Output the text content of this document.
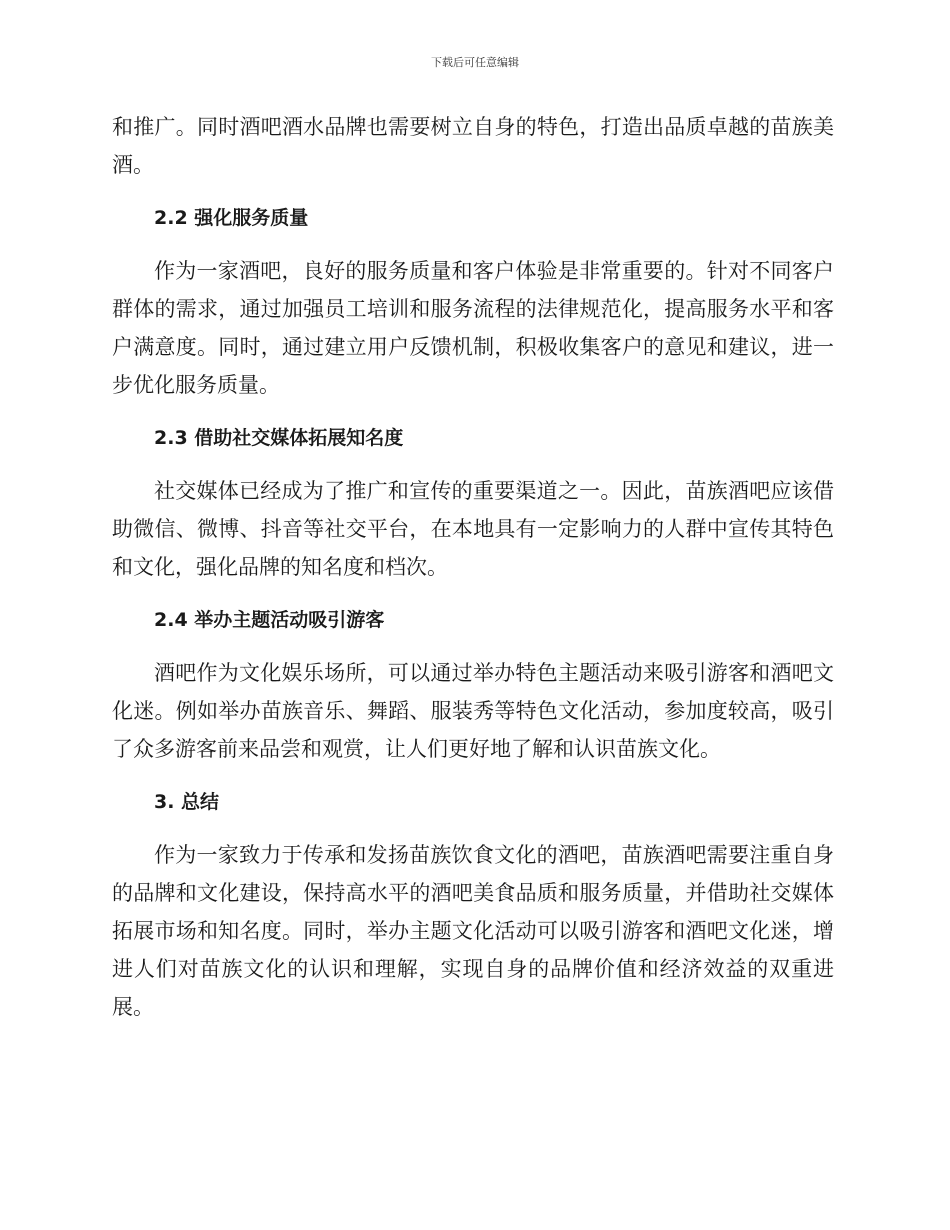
下载后可任意编辑

和推广。同时酒吧酒水品牌也需要树立自身的特色，打造出品质卓越的苗族美酒。

2.2 强化服务质量

作为一家酒吧，良好的服务质量和客户体验是非常重要的。针对不同客户群体的需求，通过加强员工培训和服务流程的法律规范化，提高服务水平和客户满意度。同时，通过建立用户反馈机制，积极收集客户的意见和建议，进一步优化服务质量。

2.3 借助社交媒体拓展知名度

社交媒体已经成为了推广和宣传的重要渠道之一。因此，苗族酒吧应该借助微信、微博、抖音等社交平台，在本地具有一定影响力的人群中宣传其特色和文化，强化品牌的知名度和档次。

2.4 举办主题活动吸引游客

酒吧作为文化娱乐场所，可以通过举办特色主题活动来吸引游客和酒吧文化迷。例如举办苗族音乐、舞蹈、服装秀等特色文化活动，参加度较高，吸引了众多游客前来品尝和观赏，让人们更好地了解和认识苗族文化。

3. 总结

作为一家致力于传承和发扬苗族饮食文化的酒吧，苗族酒吧需要注重自身的品牌和文化建设，保持高水平的酒吧美食品质和服务质量，并借助社交媒体拓展市场和知名度。同时，举办主题文化活动可以吸引游客和酒吧文化迷，增进人们对苗族文化的认识和理解，实现自身的品牌价值和经济效益的双重进展。
